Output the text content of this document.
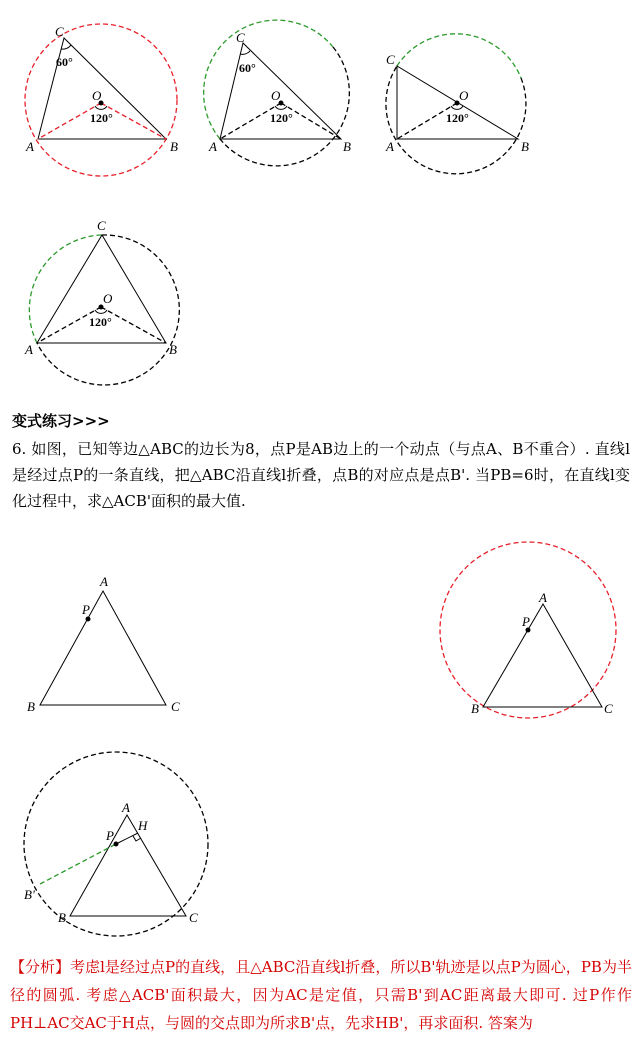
C
A	B
O
60°
120°
C
A	B
O
60°
120°
C
A	B
O
120°
C
A	B
O
120°
变式练习>>>
6. 如图，已知等边△ABC的边长为8，点P是AB边上的一个动点（与点A、B不重合）. 直线l是经过点P的一条直线，把△ABC沿直线l折叠，点B的对应点是点B'. 当PB=6时，在直线l变化过程中，求△ACB'面积的最大值.
A
P
B	C
A
P
B	C
A
P
H
B'
B	C
【分析】考虑l是经过点P的直线，且△ABC沿直线l折叠，所以B'轨迹是以点P为圆心，PB为半径的圆弧. 考虑△ACB'面积最大，因为AC是定值，只需B'到AC距离最大即可. 过P作作PH⊥AC交AC于H点，与圆的交点即为所求B'点，先求HB'，再求面积. 答案为
